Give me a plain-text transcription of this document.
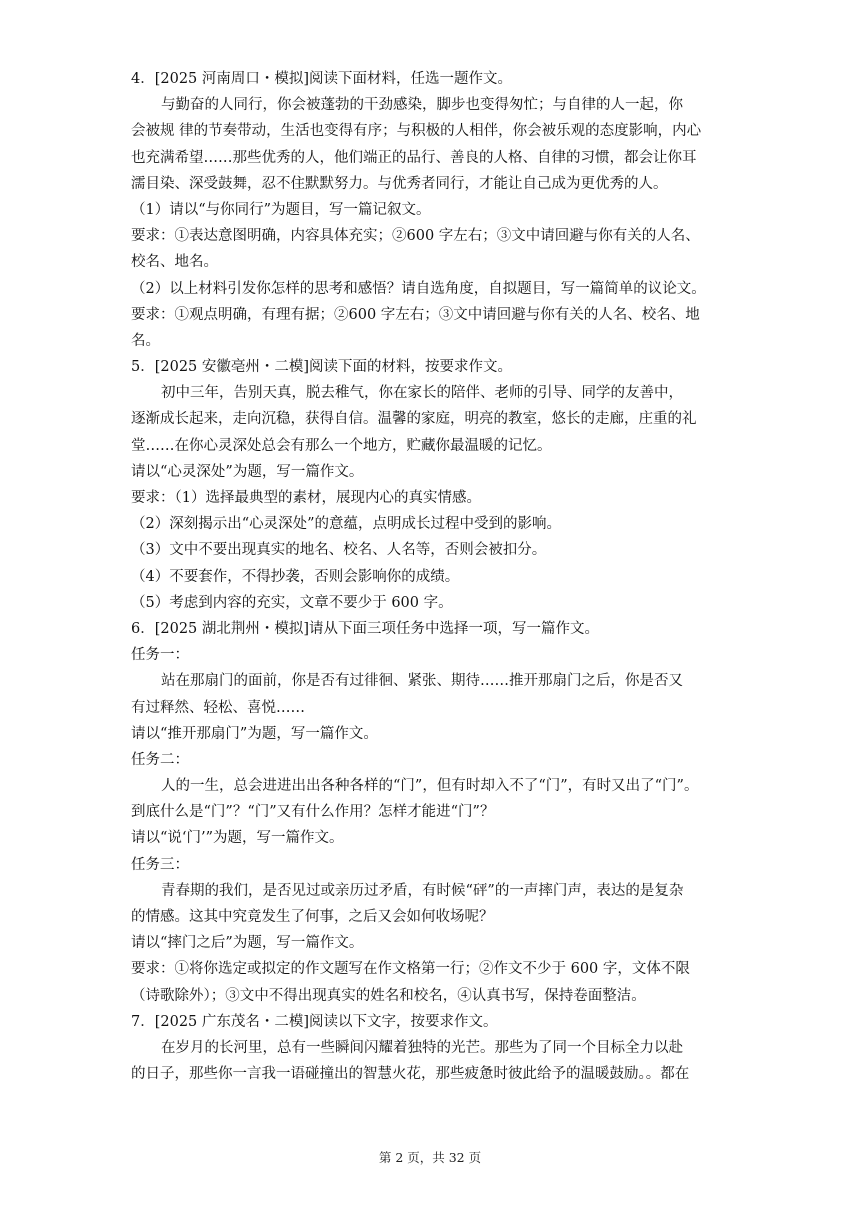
4．[2025 河南周口・模拟]阅读下面材料，任选一题作文。
与勤奋的人同行，你会被蓬勃的干劲感染，脚步也变得匆忙；与自律的人一起，你
会被规 律的节奏带动，生活也变得有序；与积极的人相伴，你会被乐观的态度影响，内心
也充满希望……那些优秀的人，他们端正的品行、善良的人格、自律的习惯，都会让你耳
濡目染、深受鼓舞，忍不住默默努力。与优秀者同行，才能让自己成为更优秀的人。
（1）请以“与你同行”为题目，写一篇记叙文。
要求：①表达意图明确，内容具体充实；②600 字左右；③文中请回避与你有关的人名、
校名、地名。
（2）以上材料引发你怎样的思考和感悟？请自选角度，自拟题目，写一篇简单的议论文。
要求：①观点明确，有理有据；②600 字左右；③文中请回避与你有关的人名、校名、地
名。
5．[2025 安徽亳州・二模]阅读下面的材料，按要求作文。
初中三年，告别天真，脱去稚气，你在家长的陪伴、老师的引导、同学的友善中，
逐渐成长起来，走向沉稳，获得自信。温馨的家庭，明亮的教室，悠长的走廊，庄重的礼
堂……在你心灵深处总会有那么一个地方，贮藏你最温暖的记忆。
请以“心灵深处”为题，写一篇作文。
要求：（1）选择最典型的素材，展现内心的真实情感。
（2）深刻揭示出“心灵深处”的意蕴，点明成长过程中受到的影响。
（3）文中不要出现真实的地名、校名、人名等，否则会被扣分。
（4）不要套作，不得抄袭，否则会影响你的成绩。
（5）考虑到内容的充实，文章不要少于 600 字。
6．[2025 湖北荆州・模拟]请从下面三项任务中选择一项，写一篇作文。
任务一：
站在那扇门的面前，你是否有过徘徊、紧张、期待……推开那扇门之后，你是否又
有过释然、轻松、喜悦……
请以“推开那扇门”为题，写一篇作文。
任务二：
人的一生，总会进进出出各种各样的“门”，但有时却入不了“门”，有时又出了“门”。
到底什么是“门”？“门”又有什么作用？怎样才能进“门”？
请以“说‘门’”为题，写一篇作文。
任务三：
青春期的我们，是否见过或亲历过矛盾，有时候“砰”的一声摔门声，表达的是复杂
的情感。这其中究竟发生了何事，之后又会如何收场呢？
请以“摔门之后”为题，写一篇作文。
要求：①将你选定或拟定的作文题写在作文格第一行；②作文不少于 600 字，文体不限
（诗歌除外）；③文中不得出现真实的姓名和校名，④认真书写，保持卷面整洁。
7．[2025 广东茂名・二模]阅读以下文字，按要求作文。
在岁月的长河里，总有一些瞬间闪耀着独特的光芒。那些为了同一个目标全力以赴
的日子，那些你一言我一语碰撞出的智慧火花，那些疲惫时彼此给予的温暖鼓励。。都在
第 2 页，共 32 页
